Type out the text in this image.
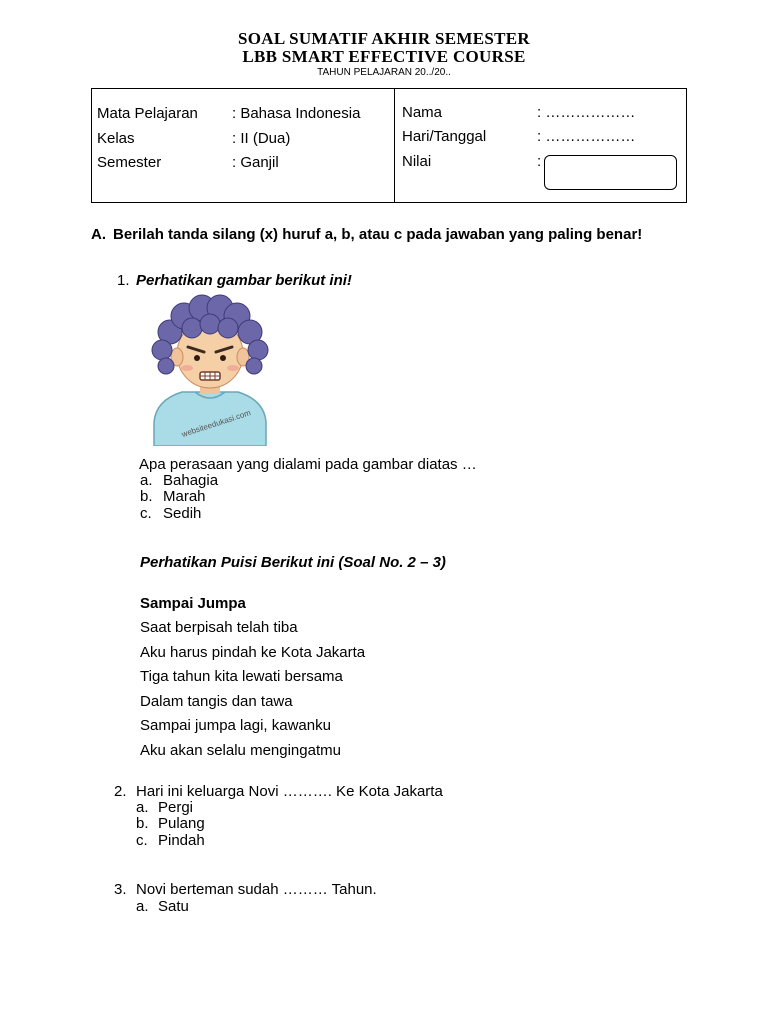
SOAL SUMATIF AKHIR SEMESTER
LBB SMART EFFECTIVE COURSE
TAHUN PELAJARAN 20../20..
Mata Pelajaran : Bahasa Indonesia
Kelas	: II (Dua)
Semester	: Ganjil
Nama	: ………………
Hari/Tanggal	: ………………
Nilai	:
A. Berilah tanda silang (x) huruf a, b, atau c pada jawaban yang paling benar!
1. Perhatikan gambar berikut ini!
websiteedukasi.com
Apa perasaan yang dialami pada gambar diatas …
a. Bahagia
b. Marah
c. Sedih
Perhatikan Puisi Berikut ini (Soal No. 2 – 3)
Sampai Jumpa
Saat berpisah telah tiba
Aku harus pindah ke Kota Jakarta
Tiga tahun kita lewati bersama
Dalam tangis dan tawa
Sampai jumpa lagi, kawanku
Aku akan selalu mengingatmu
2. Hari ini keluarga Novi ………. Ke Kota Jakarta
a. Pergi
b. Pulang
c. Pindah
3. Novi berteman sudah ……… Tahun.
a. Satu
